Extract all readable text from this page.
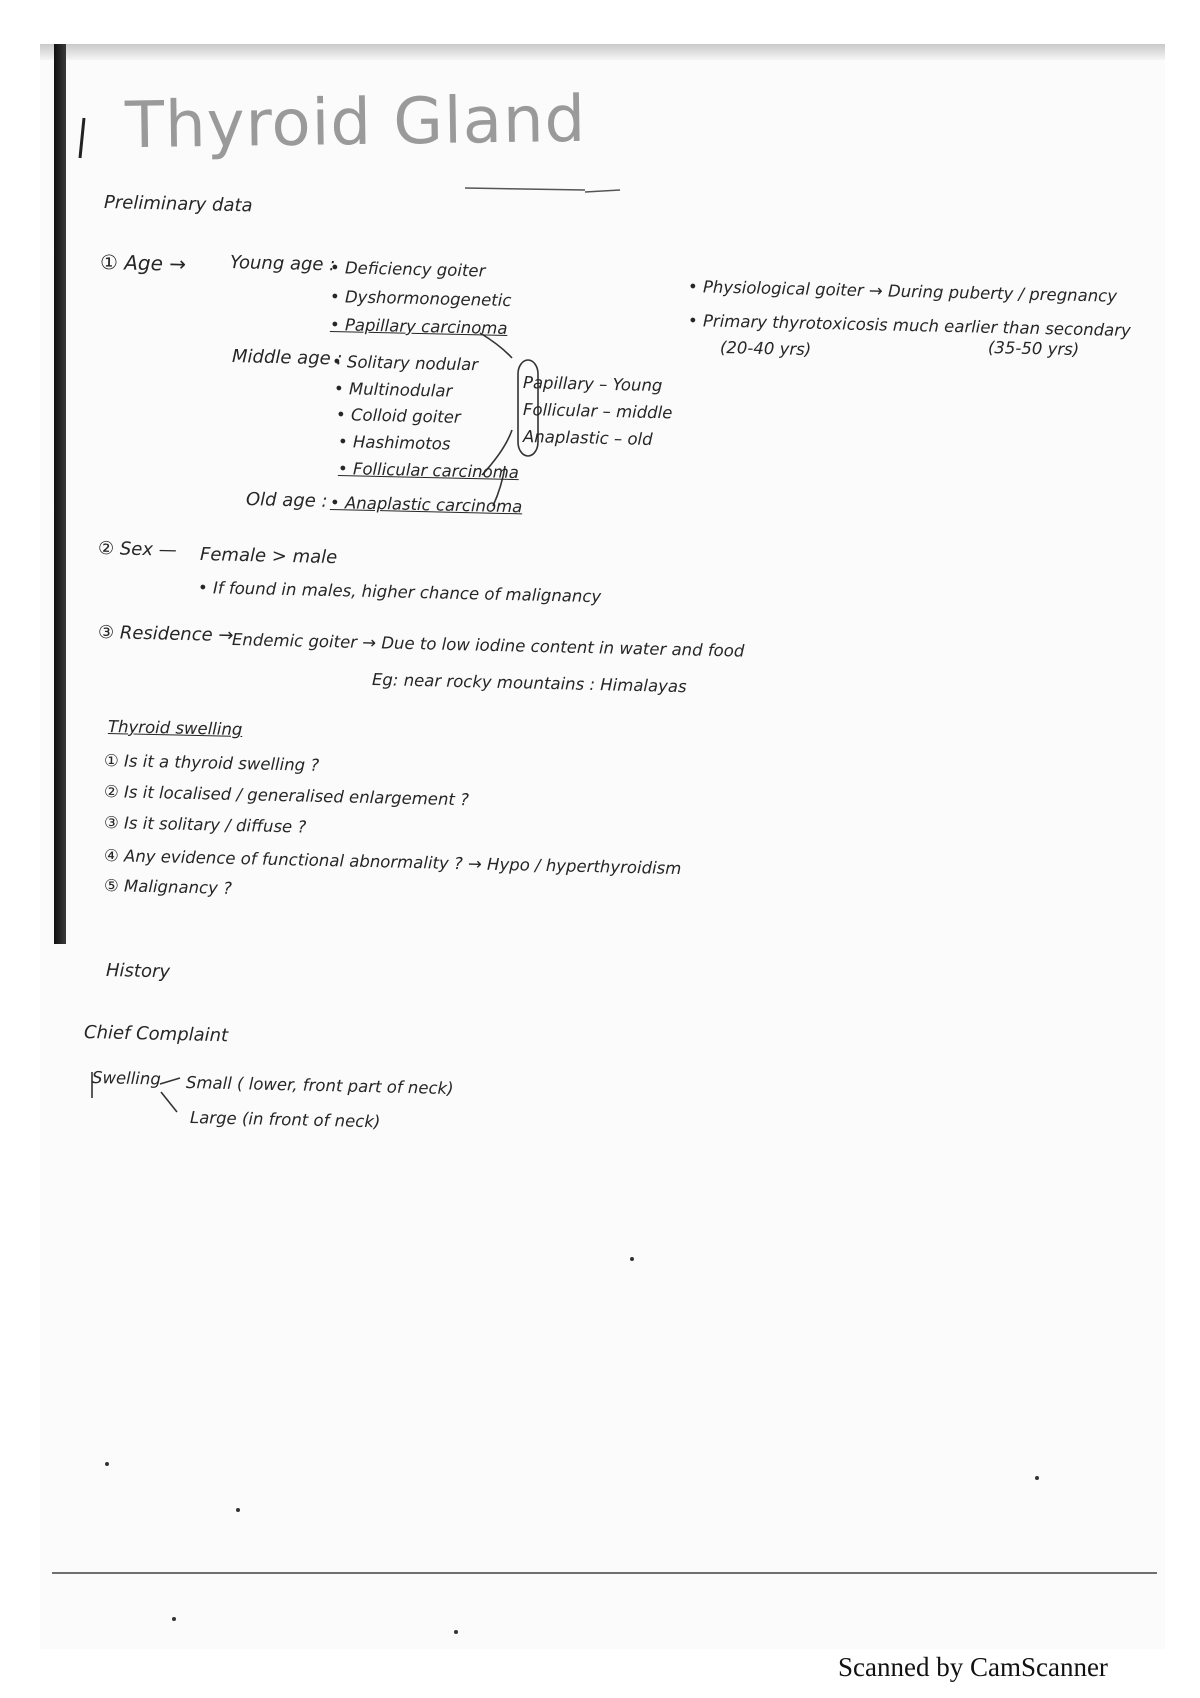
Thyroid Gland
Preliminary data
① Age → Young age :
• Deficiency goiter
• Dyshormonogenetic
• Papillary carcinoma
Middle age :
• Solitary nodular
• Multinodular
• Colloid goiter
• Hashimotos
• Follicular carcinoma
Old age : • Anaplastic carcinoma
Papillary – Young
Follicular – middle
Anaplastic – old
• Physiological goiter → During puberty / pregnancy
• Primary thyrotoxicosis much earlier than secondary
(20-40 yrs)	(35-50 yrs)
② Sex — Female > male
• If found in males, higher chance of malignancy
③ Residence →
Endemic goiter → Due to low iodine content in water and food
Eg: near rocky mountains : Himalayas
Thyroid swelling
① Is it a thyroid swelling ?
② Is it localised / generalised enlargement ?
③ Is it solitary / diffuse ?
④ Any evidence of functional abnormality ? → Hypo / hyperthyroidism
⑤ Malignancy ?
History
Chief Complaint
Swelling Small ( lower, front part of neck)
Large (in front of neck)
Scanned by CamScanner
